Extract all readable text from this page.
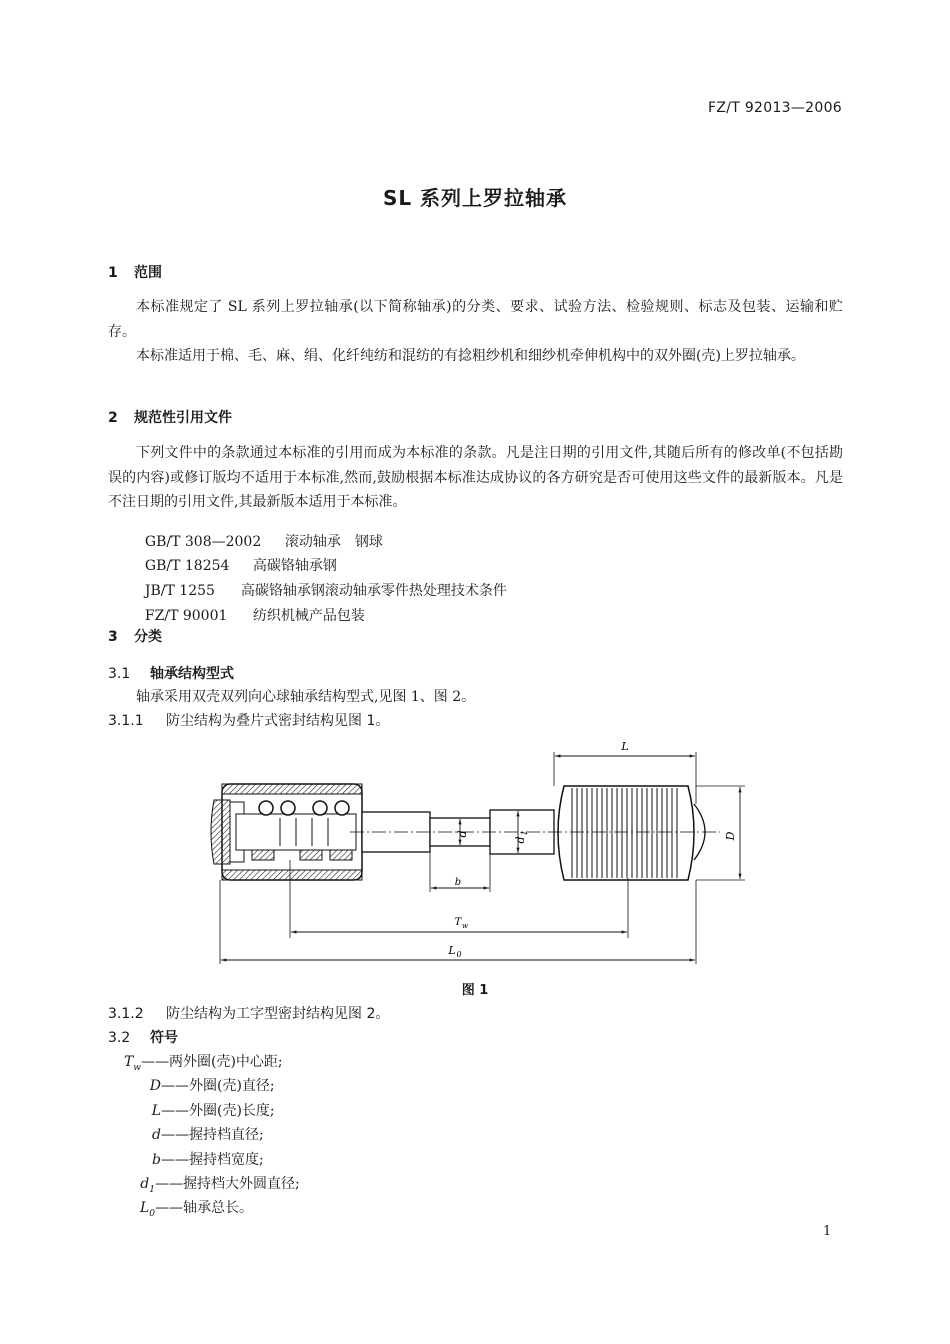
FZ/T 92013—2006
SL 系列上罗拉轴承
1 范围
本标准规定了 SL 系列上罗拉轴承(以下简称轴承)的分类、要求、试验方法、检验规则、标志及包装、运输和贮存。
本标准适用于棉、毛、麻、绢、化纤纯纺和混纺的有捻粗纱机和细纱机牵伸机构中的双外圈(壳)上罗拉轴承。
2 规范性引用文件
下列文件中的条款通过本标准的引用而成为本标准的条款。凡是注日期的引用文件,其随后所有的修改单(不包括勘误的内容)或修订版均不适用于本标准,然而,鼓励根据本标准达成协议的各方研究是否可使用这些文件的最新版本。凡是不注日期的引用文件,其最新版本适用于本标准。

GB/T 308—2002 滚动轴承　钢球

GB/T 18254 高碳铬轴承钢

JB/T 1255 高碳铬轴承钢滚动轴承零件热处理技术条件

FZ/T 90001 纺织机械产品包装

3 分类
3.1 轴承结构型式
轴承采用双壳双列向心球轴承结构型式,见图 1、图 2。
3.1.1 防尘结构为叠片式密封结构见图 1。
L
D
d
d
1
b
T w
L 0
图 1
3.1.2 防尘结构为工字型密封结构见图 2。
3.2 符号
$T_w——$两外圈(壳)中心距;
D——外圈(壳)直径;
L——外圈(壳)长度;
d——握持档直径;
b——握持档宽度;
$d_1——$握持档大外圆直径;
$L_0——$轴承总长。
1
